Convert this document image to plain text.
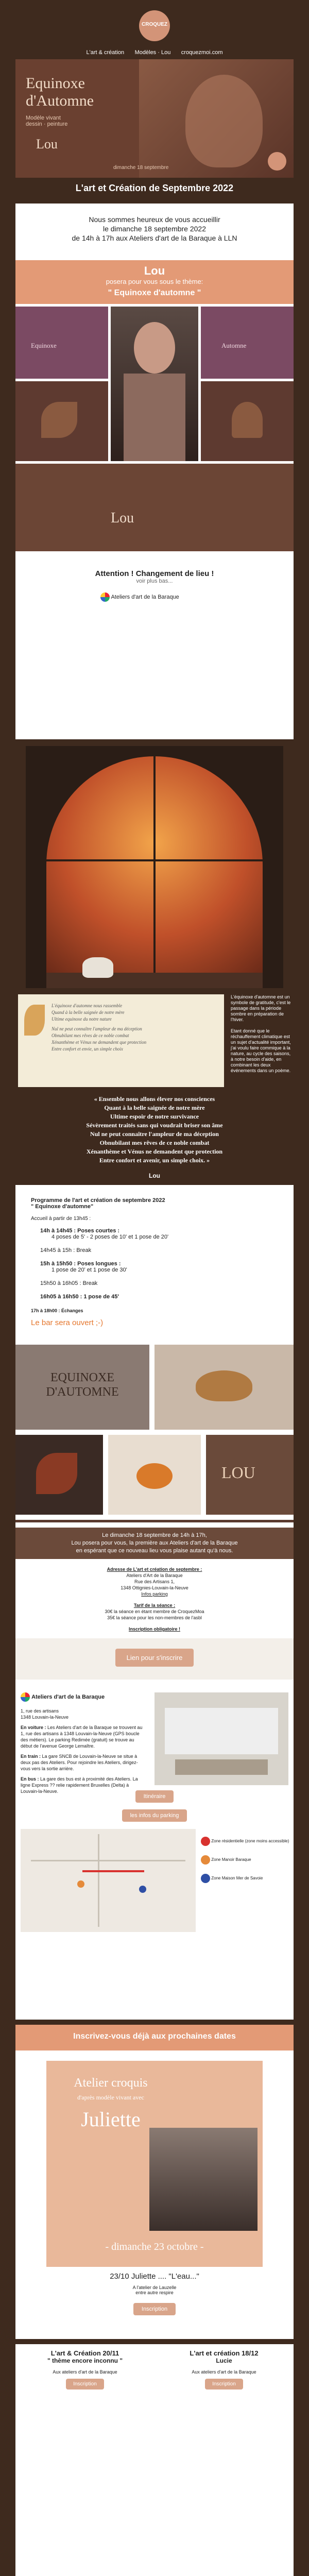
CROQUEZ
L'art & création Modèles · Lou croquezmoi.com
Equinoxe
d'Automne
Modèle vivant
dessin · peinture
Lou
dimanche 18 septembre
L'art et Création de Septembre 2022
Nous sommes heureux de vous accueillir
le dimanche 18 septembre 2022
de 14h à 17h aux Ateliers d'art de la Baraque à LLN
Lou
posera pour vous sous le thème:
" Equinoxe d'automne "
Equinoxe	Automne
Lou
Attention ! Changement de lieu !
voir plus bas...
Ateliers d'art de la Baraque
L'équinoxe d'automne nous rassemble
Quand à la belle saignée de notre mère
Ultime equinoxe du notre nature
Nul ne peut connaître l'ampleur de ma déception
Obnubilant mes rêves de ce noble combat
Xénanthème et Vénus ne demandent que protection
Entre confort et envie, un simple choix
L'équinoxe d'automne est un symbole de gratitude, c'est le passage dans la période sombre en préparation de l'hiver.

Etant donné que le réchauffement climatique est un sujet d'actualité important, j'ai voulu faire commique à la nature, au cycle des saisons, à notre besoin d'aide, en combinant les deux événements dans un poème.
« Ensemble nous allons élever nos consciences
Quant à la belle saignée de notre mère
Ultime espoir de notre survivance
Sévèrement traités sans qui voudrait briser son âme
Nul ne peut connaître l'ampleur de ma déception
Obnubilant mes rêves de ce noble combat
Xénanthème et Vénus ne demandent que protection
Entre confort et avenir, un simple choix. »
Lou
Programme de l'art et création de septembre 2022
" Equinoxe d'automne"
Accueil à partir de 13h45 :
14h à 14h45 : Poses courtes :
4 poses de 5' - 2 poses de 10' et 1 pose de 20'
14h45 à 15h : Break
15h à 15h50 : Poses longues :
1 pose de 20' et 1 pose de 30'
15h50 à 16h05 : Break
16h05 à 16h50 : 1 pose de 45'
17h à 18h00 : Échanges
Le bar sera ouvert ;-)
EQUINOXE D'AUTOMNE
LOU
Le dimanche 18 septembre de 14h à 17h,
Lou posera pour vous, la première aux Ateliers d'art de la Baraque
en espérant que ce nouveau lieu vous plaise autant qu'à nous.
Adresse de L'art et création de septembre :
Ateliers d'Art de la Baraque
Rue des Artisans 1,
1348 Ottignies-Louvain-la-Neuve
Infos parking
Tarif de la séance :
30€ la séance en étant membre de CroquezMoa
35€ la séance pour les non-membres de l'asbl
Inscription obligatoire !
Lien pour s'inscrire
Ateliers d'art de la Baraque
1, rue des artisans
1348 Louvain-la-Neuve
En voiture : Les Ateliers d'art de la Baraque se trouvent au 1, rue des artisans à 1348 Louvain-la-Neuve (GPS boucle des métiers). Le parking Redimée (gratuit) se trouve au début de l'avenue George Lemaître.
En train : La gare SNCB de Louvain-la-Neuve se situe à deux pas des Ateliers. Pour rejoindre les Ateliers, dirigez-vous vers la sortie arrière.
En bus : La gare des bus est à proximité des Ateliers. La ligne Express ?? relie rapidement Bruxelles (Delta) à Louvain-la-Neuve.
Itinéraire
les infos du parking
Zone résidentielle (zone moins accessible)
Zone Manoir Baraque
Zone Maison Mer de Savoie
Inscrivez-vous déjà aux prochaines dates
Atelier croquis
d'après modèle vivant avec
Juliette
- dimanche 23 octobre -
23/10 Juliette .... "L'eau..."
A l'atelier de Lauzelle
entre autre respire
Inscription
L'art & Création 20/11
" thème encore inconnu "
Aux ateliers d'art de la Baraque
Inscription
L'art et création 18/12
Lucie
Aux ateliers d'art de la Baraque
Inscription
